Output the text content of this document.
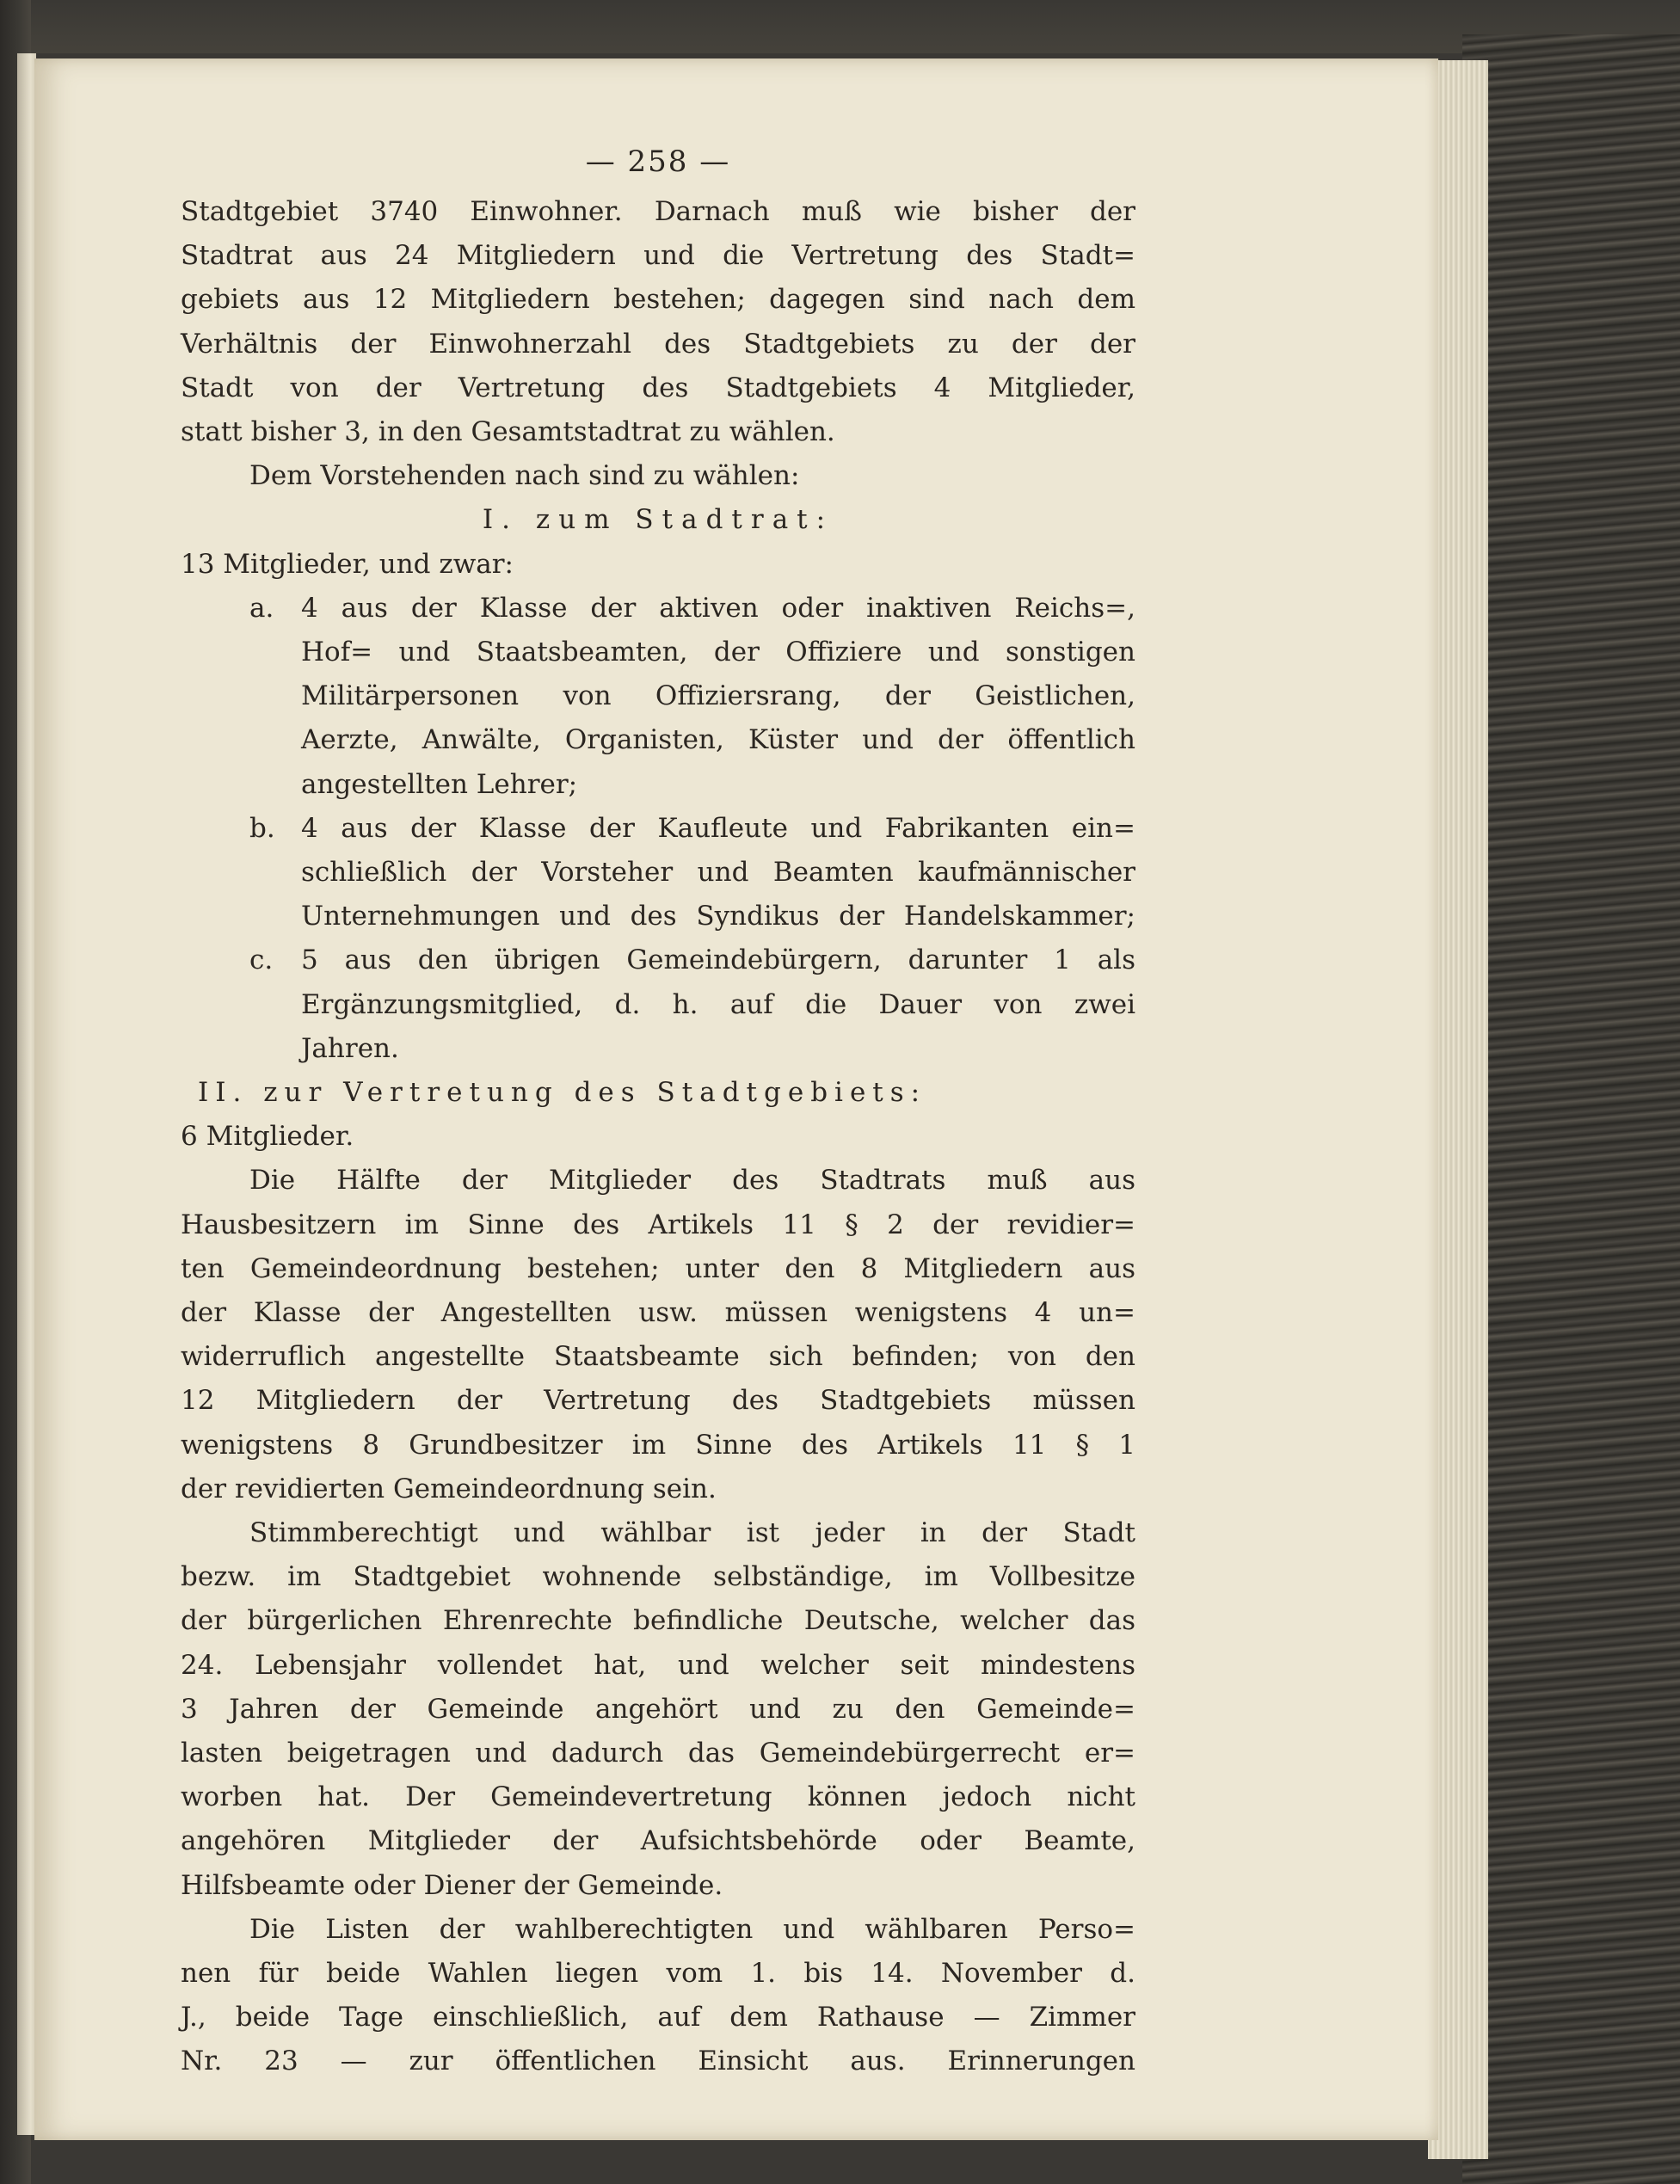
— 258 —
Stadtgebiet 3740 Einwohner. Darnach muß wie bisher der
Stadtrat aus 24 Mitgliedern und die Vertretung des Stadt=
gebiets aus 12 Mitgliedern bestehen; dagegen sind nach dem
Verhältnis der Einwohnerzahl des Stadtgebiets zu der der
Stadt von der Vertretung des Stadtgebiets 4 Mitglieder,
statt bisher 3, in den Gesamtstadtrat zu wählen.
Dem Vorstehenden nach sind zu wählen:
I. zum Stadtrat:
13 Mitglieder, und zwar:
a. 4 aus der Klasse der aktiven oder inaktiven Reichs=,
Hof= und Staatsbeamten, der Offiziere und sonstigen
Militärpersonen von Offiziersrang, der Geistlichen,
Aerzte, Anwälte, Organisten, Küster und der öffentlich
angestellten Lehrer;
b. 4 aus der Klasse der Kaufleute und Fabrikanten ein=
schließlich der Vorsteher und Beamten kaufmännischer
Unternehmungen und des Syndikus der Handelskammer;
c. 5 aus den übrigen Gemeindebürgern, darunter 1 als
Ergänzungsmitglied, d. h. auf die Dauer von zwei
Jahren.
II. zur Vertretung des Stadtgebiets:
6 Mitglieder.
Die Hälfte der Mitglieder des Stadtrats muß aus
Hausbesitzern im Sinne des Artikels 11 § 2 der revidier=
ten Gemeindeordnung bestehen; unter den 8 Mitgliedern aus
der Klasse der Angestellten usw. müssen wenigstens 4 un=
widerruflich angestellte Staatsbeamte sich befinden; von den
12 Mitgliedern der Vertretung des Stadtgebiets müssen
wenigstens 8 Grundbesitzer im Sinne des Artikels 11 § 1
der revidierten Gemeindeordnung sein.
Stimmberechtigt und wählbar ist jeder in der Stadt
bezw. im Stadtgebiet wohnende selbständige, im Vollbesitze
der bürgerlichen Ehrenrechte befindliche Deutsche, welcher das
24. Lebensjahr vollendet hat, und welcher seit mindestens
3 Jahren der Gemeinde angehört und zu den Gemeinde=
lasten beigetragen und dadurch das Gemeindebürgerrecht er=
worben hat. Der Gemeindevertretung können jedoch nicht
angehören Mitglieder der Aufsichtsbehörde oder Beamte,
Hilfsbeamte oder Diener der Gemeinde.
Die Listen der wahlberechtigten und wählbaren Perso=
nen für beide Wahlen liegen vom 1. bis 14. November d.
J., beide Tage einschließlich, auf dem Rathause — Zimmer
Nr. 23 — zur öffentlichen Einsicht aus. Erinnerungen
